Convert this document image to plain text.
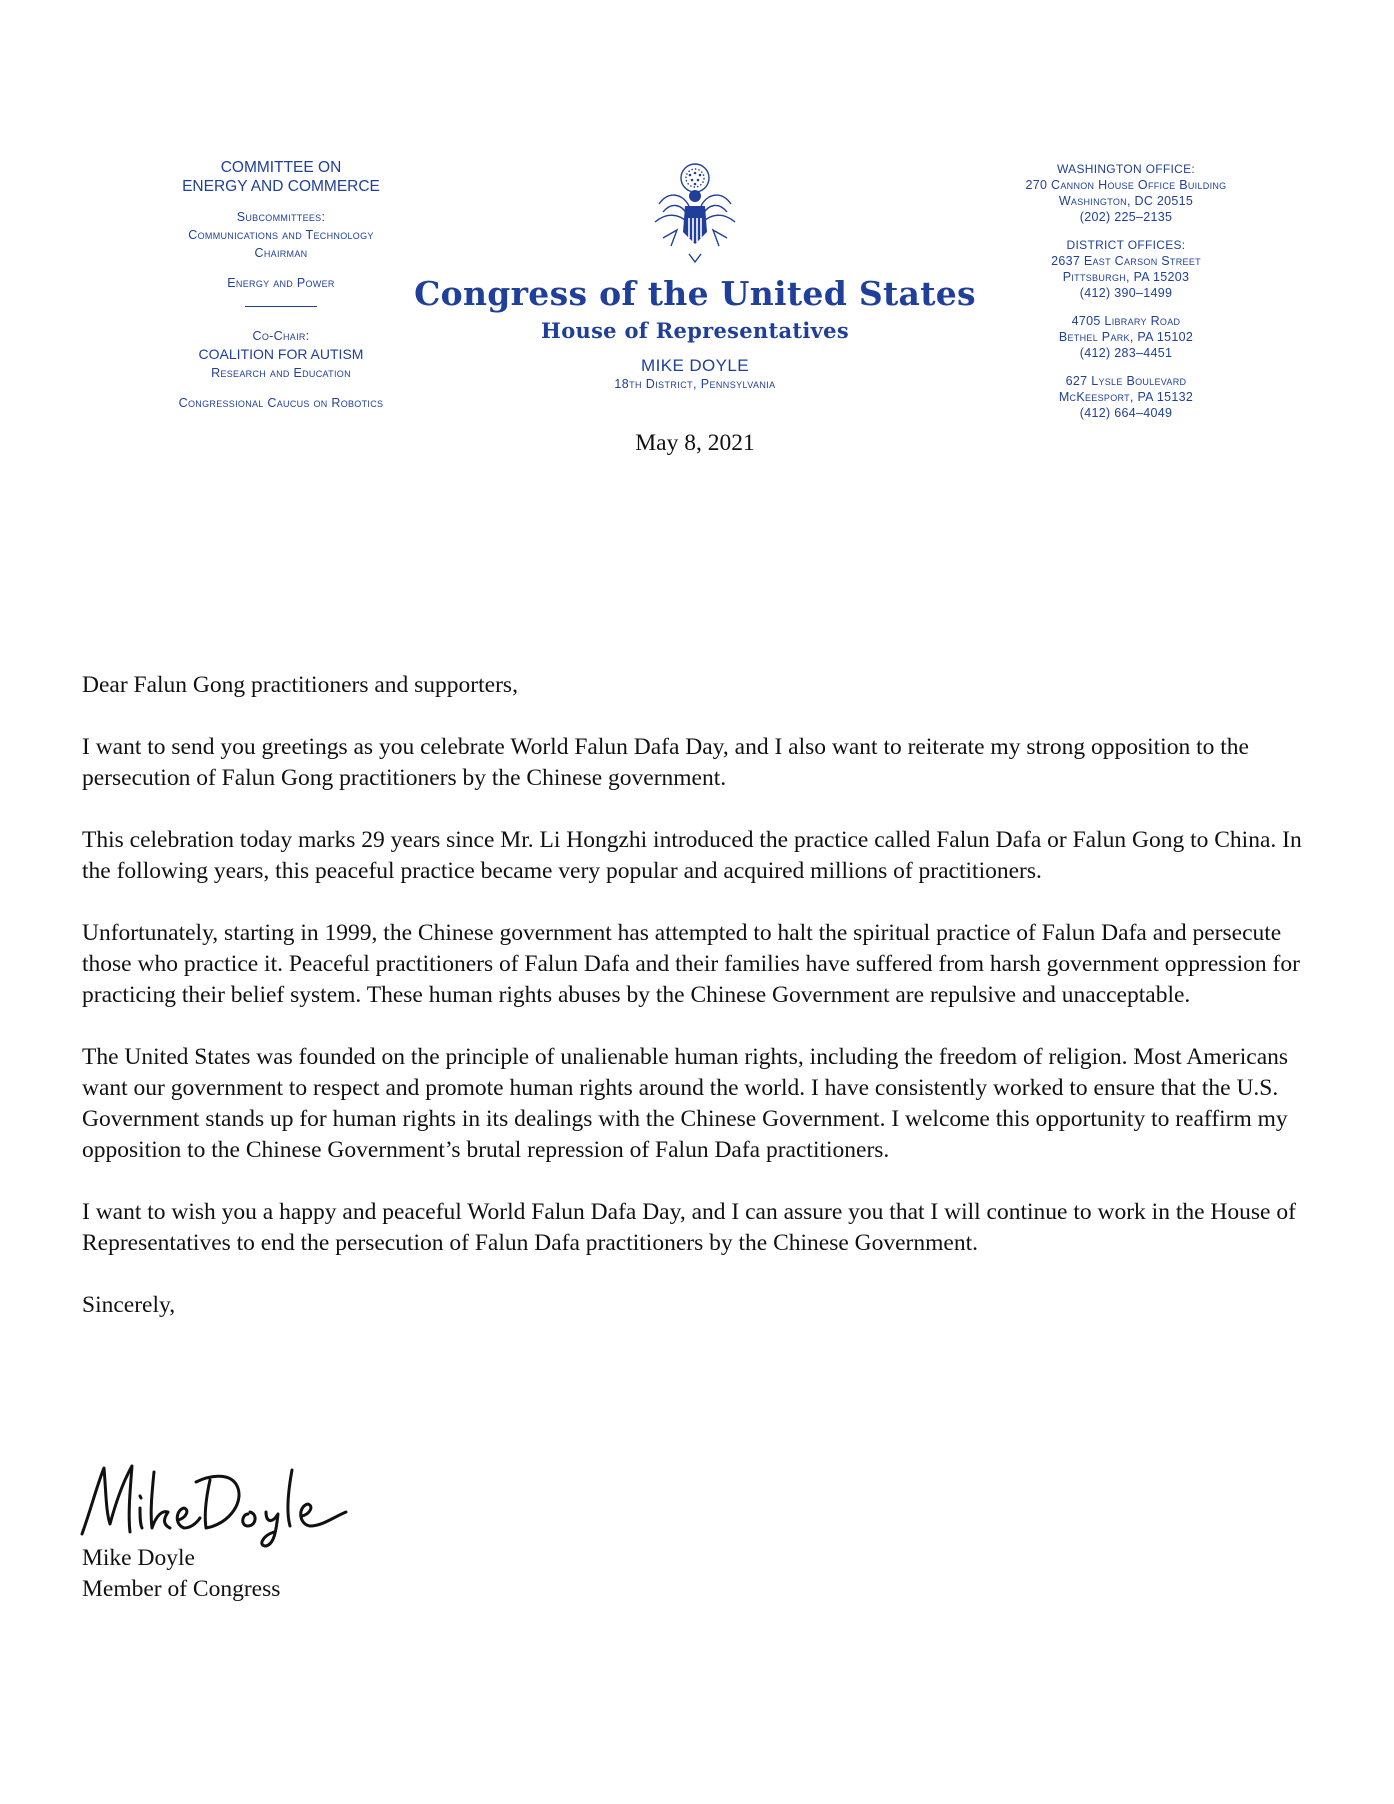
COMMITTEE ON
ENERGY AND COMMERCE
Subcommittees:
Communications and Technology
Chairman
Energy and Power
Co-Chair:
COALITION FOR AUTISM
Research and Education
Congressional Caucus on Robotics
Congress of the United States
House of Representatives
MIKE DOYLE
18th District, Pennsylvania
WASHINGTON OFFICE:
270 Cannon House Office Building
Washington, DC 20515
(202) 225–2135
DISTRICT OFFICES:
2637 East Carson Street
Pittsburgh, PA 15203
(412) 390–1499
4705 Library Road
Bethel Park, PA 15102
(412) 283–4451
627 Lysle Boulevard
McKeesport, PA 15132
(412) 664–4049
May 8, 2021

Dear Falun Gong practitioners and supporters,

I want to send you greetings as you celebrate World Falun Dafa Day, and I also want to reiterate my strong opposition to the persecution of Falun Gong practitioners by the Chinese government.

This celebration today marks 29 years since Mr. Li Hongzhi introduced the practice called Falun Dafa or Falun Gong to China. In the following years, this peaceful practice became very popular and acquired millions of practitioners.

Unfortunately, starting in 1999, the Chinese government has attempted to halt the spiritual practice of Falun Dafa and persecute those who practice it. Peaceful practitioners of Falun Dafa and their families have suffered from harsh government oppression for practicing their belief system. These human rights abuses by the Chinese Government are repulsive and unacceptable.

The United States was founded on the principle of unalienable human rights, including the freedom of religion. Most Americans want our government to respect and promote human rights around the world. I have consistently worked to ensure that the U.S. Government stands up for human rights in its dealings with the Chinese Government. I welcome this opportunity to reaffirm my opposition to the Chinese Government’s brutal repression of Falun Dafa practitioners.

I want to wish you a happy and peaceful World Falun Dafa Day, and I can assure you that I will continue to work in the House of Representatives to end the persecution of Falun Dafa practitioners by the Chinese Government.

Sincerely,

Mike Doyle
Member of Congress
